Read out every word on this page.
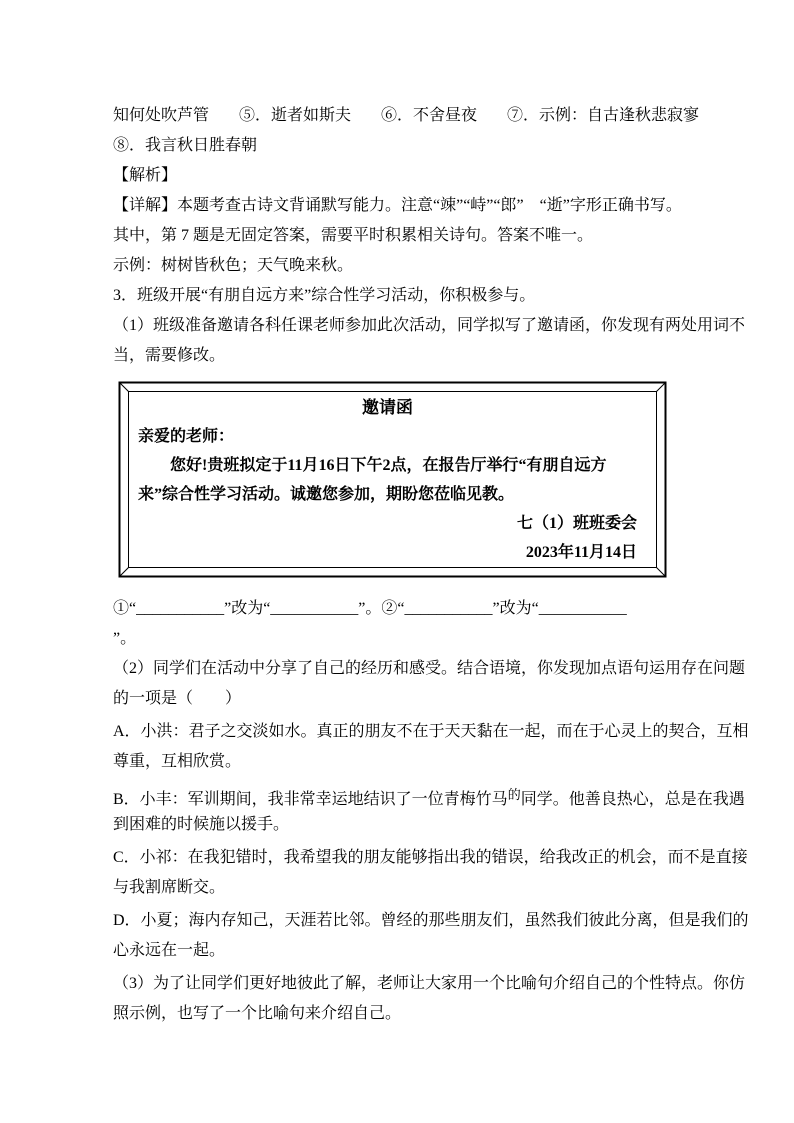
知何处吹芦管 ⑤．逝者如斯夫 ⑥．不舍昼夜 ⑦．示例：自古逢秋悲寂寥
⑧．我言秋日胜春朝
【解析】
【详解】本题考查古诗文背诵默写能力。注意“竦”“峙”“郎”　“逝”字形正确书写。
其中，第 7 题是无固定答案，需要平时积累相关诗句。答案不唯一。
示例：树树皆秋色；天气晚来秋。
3．班级开展“有朋自远方来”综合性学习活动，你积极参与。
（1）班级准备邀请各科任课老师参加此次活动，同学拟写了邀请函，你发现有两处用词不
当，需要修改。
邀请函
亲爱的老师：
您好!贵班拟定于11月16日下午2点，在报告厅举行“有朋自远方
来”综合性学习活动。诚邀您参加，期盼您莅临见教。
七（1）班班委会
2023年11月14日
①“___________”改为“___________”。②“___________”改为“___________
”。
（2）同学们在活动中分享了自己的经历和感受。结合语境，你发现加点语句运用存在问题
的一项是（　　）
A．小洪：君子之交淡如水。真正的朋友不在于天天黏在一起，而在于心灵上的契合，互相
尊重，互相欣赏。
B．小丰：军训期间，我非常幸运地结识了一位青梅竹马$^的$同学。他善良热心，总是在我遇
到困难的时候施以援手。
C．小祁：在我犯错时，我希望我的朋友能够指出我的错误，给我改正的机会，而不是直接
与我割席断交。
D．小夏；海内存知己，天涯若比邻。曾经的那些朋友们，虽然我们彼此分离，但是我们的
心永远在一起。
（3）为了让同学们更好地彼此了解，老师让大家用一个比喻句介绍自己的个性特点。你仿
照示例，也写了一个比喻句来介绍自己。
